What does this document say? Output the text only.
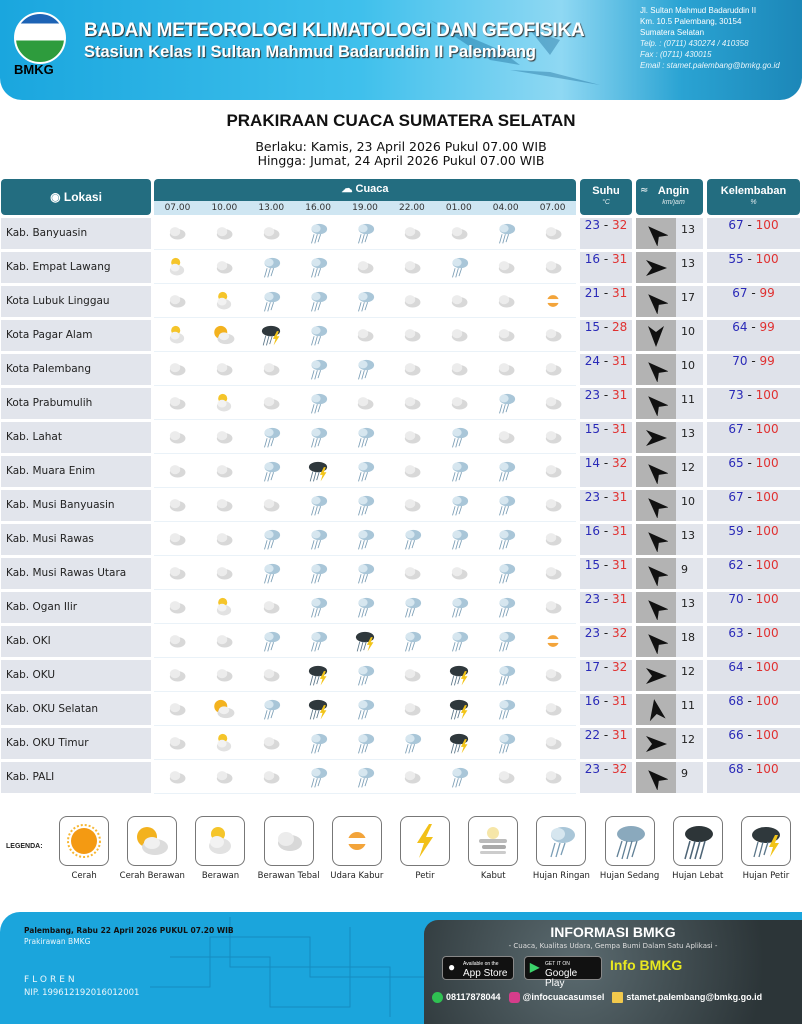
BMKG
BADAN METEOROLOGI KLIMATOLOGI DAN GEOFISIKA
Stasiun Kelas II Sultan Mahmud Badaruddin II Palembang
Jl. Sultan Mahmud Badaruddin II
Km. 10.5 Palembang, 30154
Sumatera Selatan
Telp. : (0711) 430274 / 410358
Fax : (0711) 430015
Email : stamet.palembang@bmkg.go.id
PRAKIRAAN CUACA SUMATERA SELATAN
Berlaku: Kamis, 23 April 2026 Pukul 07.00 WIB
Hingga: Jumat, 24 April 2026 Pukul 07.00 WIB
◉ Lokasi
☁ Cuaca
07.00	10.00	13.00	16.00	19.00	22.00	01.00	04.00	07.00
Suhu
°C
≈ Angin
km/jam
Kelembaban
%
Kab. Banyuasin
23 - 32	13	67 - 100
Kab. Empat Lawang
16 - 31	13	55 - 100
Kota Lubuk Linggau
21 - 31	17	67 - 99
Kota Pagar Alam
15 - 28	10	64 - 99
Kota Palembang
24 - 31	10	70 - 99
Kota Prabumulih
23 - 31	11	73 - 100
Kab. Lahat
15 - 31	13	67 - 100
Kab. Muara Enim
14 - 32	12	65 - 100
Kab. Musi Banyuasin
23 - 31	10	67 - 100
Kab. Musi Rawas
16 - 31	13	59 - 100
Kab. Musi Rawas Utara
15 - 31	9	62 - 100
Kab. Ogan Ilir
23 - 31	13	70 - 100
Kab. OKI
23 - 32	18	63 - 100
Kab. OKU
17 - 32	12	64 - 100
Kab. OKU Selatan
16 - 31	11	68 - 100
Kab. OKU Timur
22 - 31	12	66 - 100
Kab. PALI
23 - 32	9	68 - 100
LEGENDA:
Cerah	Cerah Berawan	Berawan	Berawan Tebal	Udara Kabur	Petir	Kabut	Hujan Ringan	Hujan Sedang	Hujan Lebat	Hujan Petir
Palembang, Rabu 22 April 2026 PUKUL 07.20 WIB
Prakirawan BMKG
FLOREN
NIP. 199612192016012001
INFORMASI BMKG
- Cuaca, Kualitas Udara, Gempa Bumi Dalam Satu Aplikasi -
● Available on the
App Store	▶ GET IT ON
Google Play
Info BMKG
08117878044	@infocuacasumsel	stamet.palembang@bmkg.go.id
